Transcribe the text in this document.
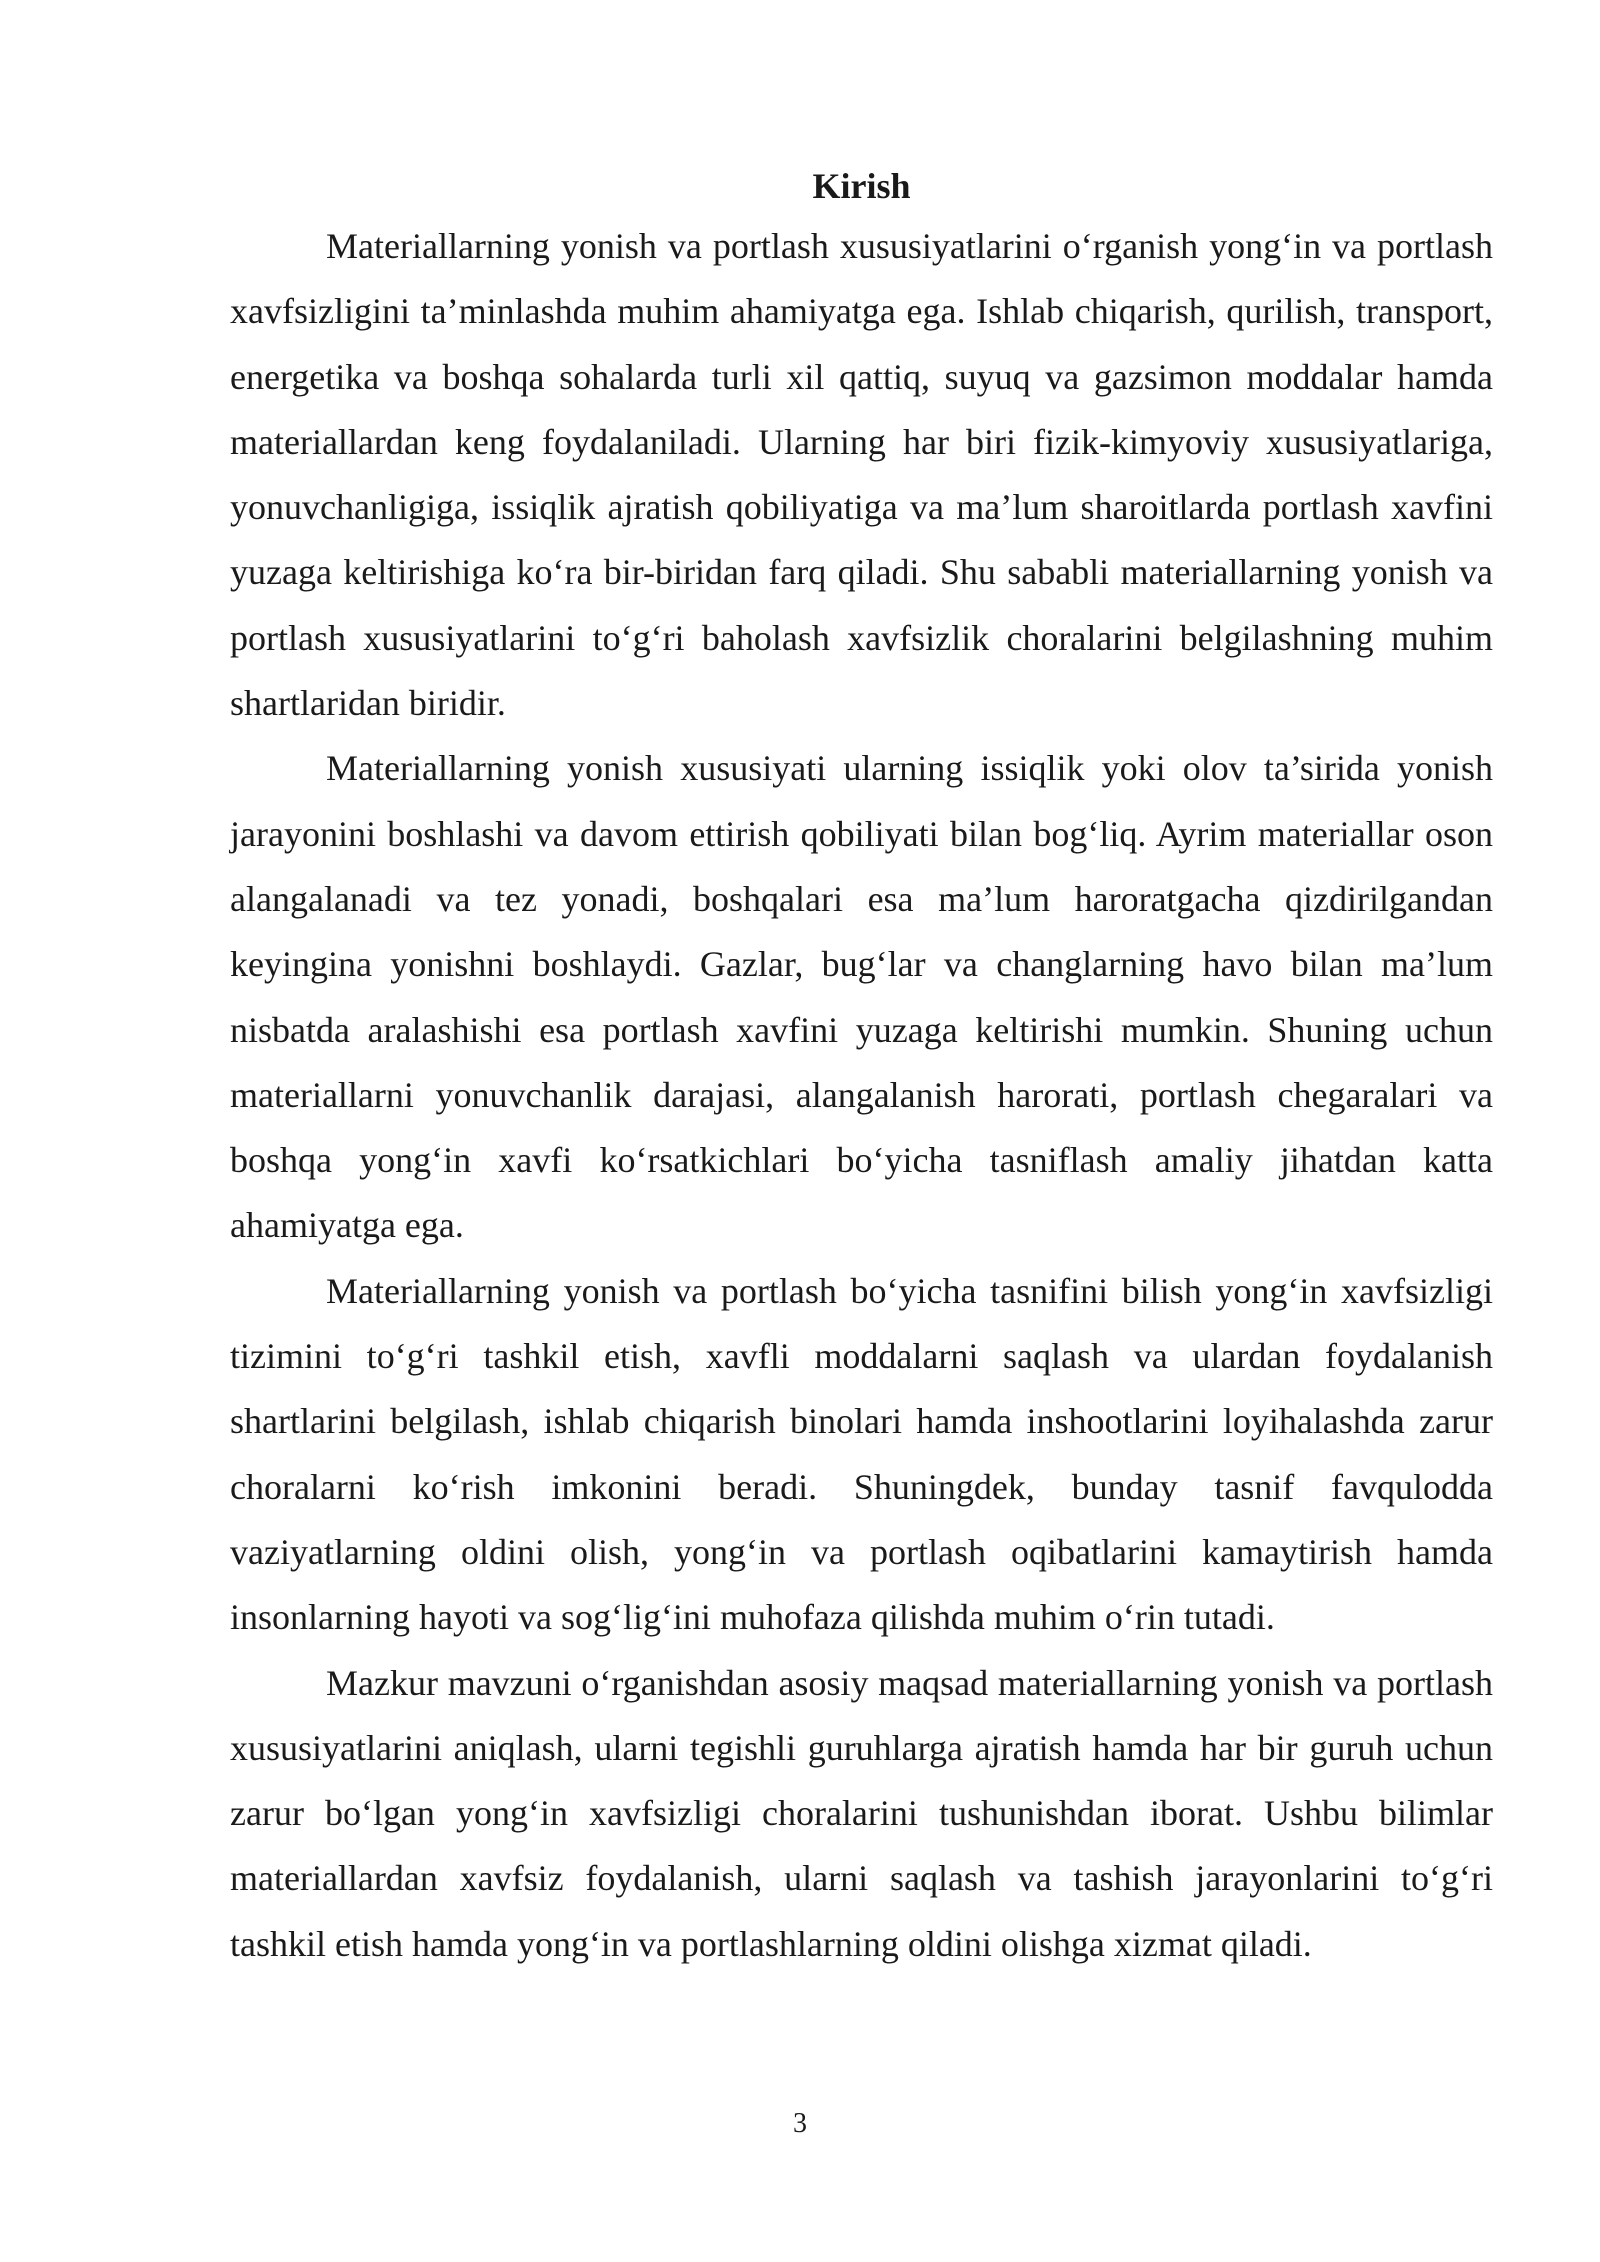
Kirish

Materiallarning yonish va portlash xususiyatlarini o‘rganish yong‘in va portlash xavfsizligini ta’minlashda muhim ahamiyatga ega. Ishlab chiqarish, qurilish, transport, energetika va boshqa sohalarda turli xil qattiq, suyuq va gazsimon moddalar hamda materiallardan keng foydalaniladi. Ularning har biri fizik-kimyoviy xususiyatlariga, yonuvchanligiga, issiqlik ajratish qobiliyatiga va ma’lum sharoitlarda portlash xavfini yuzaga keltirishiga ko‘ra bir-biridan farq qiladi. Shu sababli materiallarning yonish va portlash xususiyatlarini to‘g‘ri baholash xavfsizlik choralarini belgilashning muhim shartlaridan biridir.

Materiallarning yonish xususiyati ularning issiqlik yoki olov ta’sirida yonish jarayonini boshlashi va davom ettirish qobiliyati bilan bog‘liq. Ayrim materiallar oson alangalanadi va tez yonadi, boshqalari esa ma’lum haroratgacha qizdirilgandan keyingina yonishni boshlaydi. Gazlar, bug‘lar va changlarning havo bilan ma’lum nisbatda aralashishi esa portlash xavfini yuzaga keltirishi mumkin. Shuning uchun materiallarni yonuvchanlik darajasi, alangalanish harorati, portlash chegaralari va boshqa yong‘in xavfi ko‘rsatkichlari bo‘yicha tasniflash amaliy jihatdan katta ahamiyatga ega.

Materiallarning yonish va portlash bo‘yicha tasnifini bilish yong‘in xavfsizligi tizimini to‘g‘ri tashkil etish, xavfli moddalarni saqlash va ulardan foydalanish shartlarini belgilash, ishlab chiqarish binolari hamda inshootlarini loyihalashda zarur choralarni ko‘rish imkonini beradi. Shuningdek, bunday tasnif favqulodda vaziyatlarning oldini olish, yong‘in va portlash oqibatlarini kamaytirish hamda insonlarning hayoti va sog‘lig‘ini muhofaza qilishda muhim o‘rin tutadi.

Mazkur mavzuni o‘rganishdan asosiy maqsad materiallarning yonish va portlash xususiyatlarini aniqlash, ularni tegishli guruhlarga ajratish hamda har bir guruh uchun zarur bo‘lgan yong‘in xavfsizligi choralarini tushunishdan iborat. Ushbu bilimlar materiallardan xavfsiz foydalanish, ularni saqlash va tashish jarayonlarini to‘g‘ri tashkil etish hamda yong‘in va portlashlarning oldini olishga xizmat qiladi.

3
